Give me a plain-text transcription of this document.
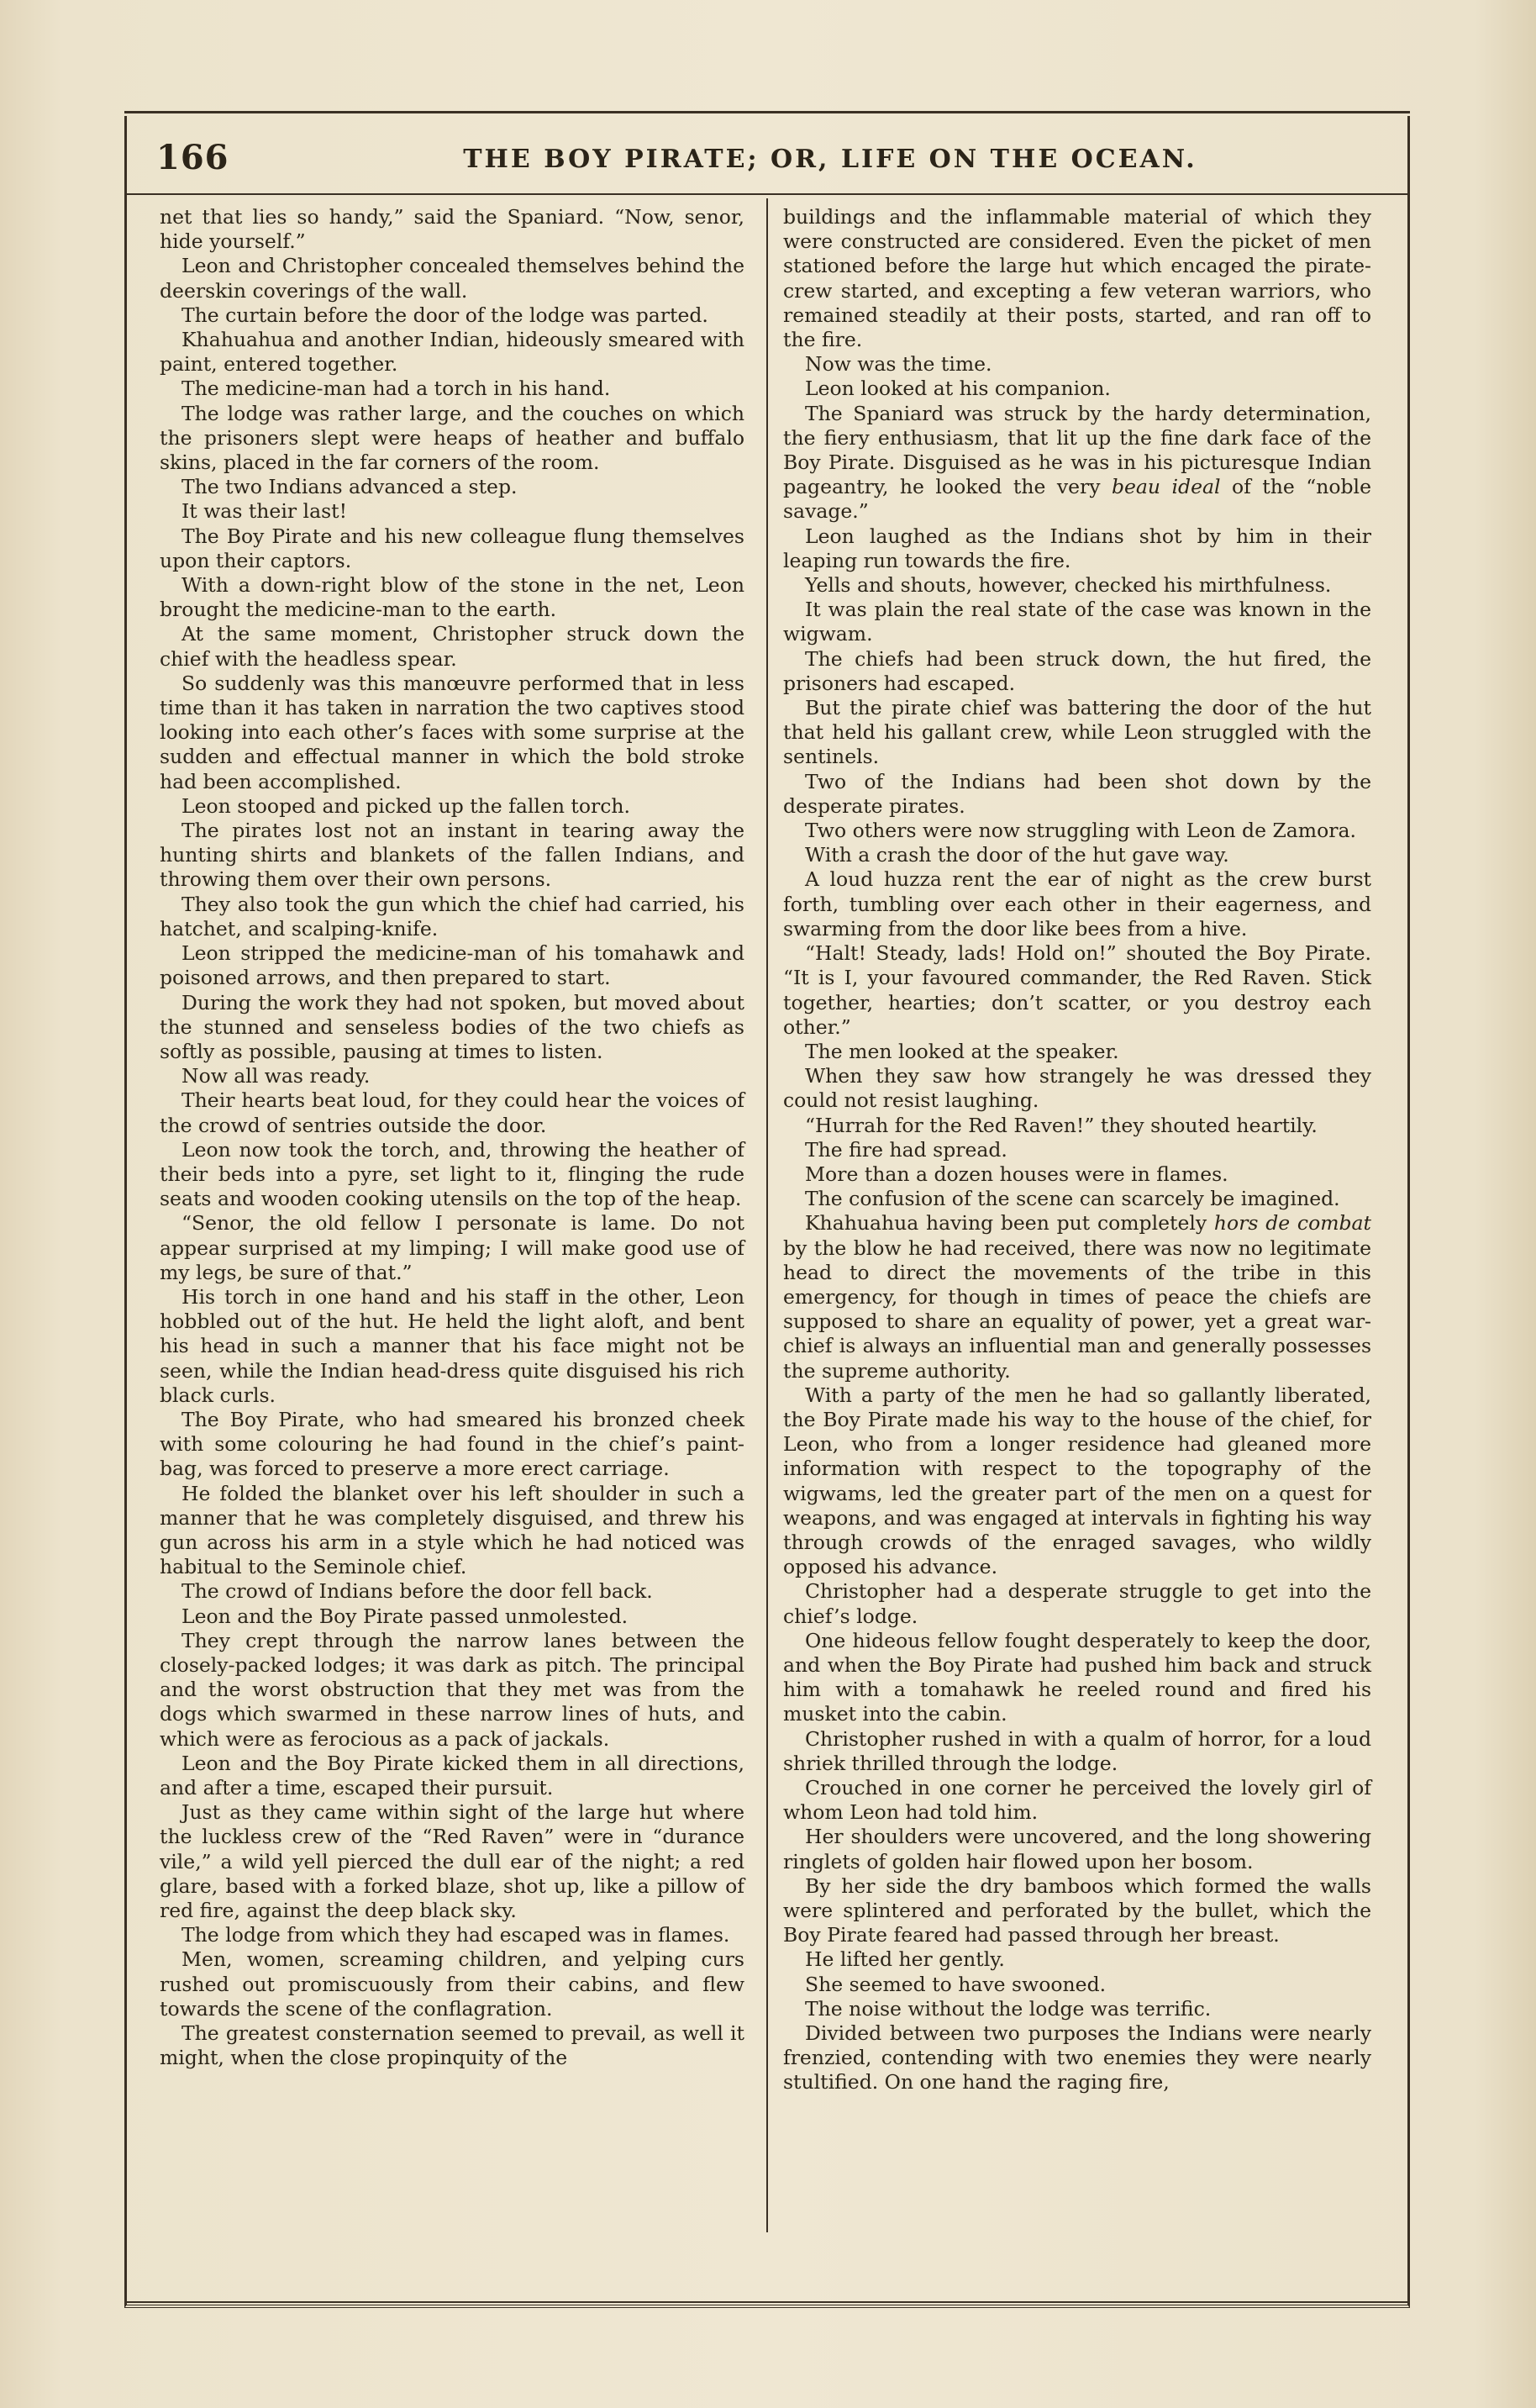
166	THE BOY PIRATE; OR, LIFE ON THE OCEAN.

net that lies so handy,” said the Spaniard. “Now, senor, hide yourself.”

Leon and Christopher concealed themselves behind the deerskin coverings of the wall.

The curtain before the door of the lodge was parted.

Khahuahua and another Indian, hideously smeared with paint, entered together.

The medicine-man had a torch in his hand.

The lodge was rather large, and the couches on which the prisoners slept were heaps of heather and buffalo skins, placed in the far corners of the room.

The two Indians advanced a step.

It was their last!

The Boy Pirate and his new colleague flung themselves upon their captors.

With a down-right blow of the stone in the net, Leon brought the medicine-man to the earth.

At the same moment, Christopher struck down the chief with the headless spear.

So suddenly was this manœuvre performed that in less time than it has taken in narration the two captives stood looking into each other’s faces with some surprise at the sudden and effectual manner in which the bold stroke had been accomplished.

Leon stooped and picked up the fallen torch.

The pirates lost not an instant in tearing away the hunting shirts and blankets of the fallen Indians, and throwing them over their own persons.

They also took the gun which the chief had carried, his hatchet, and scalping-knife.

Leon stripped the medicine-man of his tomahawk and poisoned arrows, and then prepared to start.

During the work they had not spoken, but moved about the stunned and senseless bodies of the two chiefs as softly as possible, pausing at times to listen.

Now all was ready.

Their hearts beat loud, for they could hear the voices of the crowd of sentries outside the door.

Leon now took the torch, and, throwing the heather of their beds into a pyre, set light to it, flinging the rude seats and wooden cooking utensils on the top of the heap.

“Senor, the old fellow I personate is lame. Do not appear surprised at my limping; I will make good use of my legs, be sure of that.”

His torch in one hand and his staff in the other, Leon hobbled out of the hut. He held the light aloft, and bent his head in such a manner that his face might not be seen, while the Indian head-dress quite disguised his rich black curls.

The Boy Pirate, who had smeared his bronzed cheek with some colouring he had found in the chief’s paint-bag, was forced to preserve a more erect carriage.

He folded the blanket over his left shoulder in such a manner that he was completely disguised, and threw his gun across his arm in a style which he had noticed was habitual to the Seminole chief.

The crowd of Indians before the door fell back.

Leon and the Boy Pirate passed unmolested.

They crept through the narrow lanes between the closely-packed lodges; it was dark as pitch. The principal and the worst obstruction that they met was from the dogs which swarmed in these narrow lines of huts, and which were as ferocious as a pack of jackals.

Leon and the Boy Pirate kicked them in all directions, and after a time, escaped their pursuit.

Just as they came within sight of the large hut where the luckless crew of the “Red Raven” were in “durance vile,” a wild yell pierced the dull ear of the night; a red glare, based with a forked blaze, shot up, like a pillow of red fire, against the deep black sky.

The lodge from which they had escaped was in flames.

Men, women, screaming children, and yelping curs rushed out promiscuously from their cabins, and flew towards the scene of the conflagration.

The greatest consternation seemed to prevail, as well it might, when the close propinquity of the

buildings and the inflammable material of which they were constructed are considered. Even the picket of men stationed before the large hut which encaged the pirate-crew started, and excepting a few veteran warriors, who remained steadily at their posts, started, and ran off to the fire.

Now was the time.

Leon looked at his companion.

The Spaniard was struck by the hardy determination, the fiery enthusiasm, that lit up the fine dark face of the Boy Pirate. Disguised as he was in his picturesque Indian pageantry, he looked the very beau ideal of the “noble savage.”

Leon laughed as the Indians shot by him in their leaping run towards the fire.

Yells and shouts, however, checked his mirthfulness.

It was plain the real state of the case was known in the wigwam.

The chiefs had been struck down, the hut fired, the prisoners had escaped.

But the pirate chief was battering the door of the hut that held his gallant crew, while Leon struggled with the sentinels.

Two of the Indians had been shot down by the desperate pirates.

Two others were now struggling with Leon de Zamora.

With a crash the door of the hut gave way.

A loud huzza rent the ear of night as the crew burst forth, tumbling over each other in their eagerness, and swarming from the door like bees from a hive.

“Halt! Steady, lads! Hold on!” shouted the Boy Pirate. “It is I, your favoured commander, the Red Raven. Stick together, hearties; don’t scatter, or you destroy each other.”

The men looked at the speaker.

When they saw how strangely he was dressed they could not resist laughing.

“Hurrah for the Red Raven!” they shouted heartily.

The fire had spread.

More than a dozen houses were in flames.

The confusion of the scene can scarcely be imagined.

Khahuahua having been put completely hors de combat by the blow he had received, there was now no legitimate head to direct the movements of the tribe in this emergency, for though in times of peace the chiefs are supposed to share an equality of power, yet a great war-chief is always an influential man and generally possesses the supreme authority.

With a party of the men he had so gallantly liberated, the Boy Pirate made his way to the house of the chief, for Leon, who from a longer residence had gleaned more information with respect to the topography of the wigwams, led the greater part of the men on a quest for weapons, and was engaged at intervals in fighting his way through crowds of the enraged savages, who wildly opposed his advance.

Christopher had a desperate struggle to get into the chief’s lodge.

One hideous fellow fought desperately to keep the door, and when the Boy Pirate had pushed him back and struck him with a tomahawk he reeled round and fired his musket into the cabin.

Christopher rushed in with a qualm of horror, for a loud shriek thrilled through the lodge.

Crouched in one corner he perceived the lovely girl of whom Leon had told him.

Her shoulders were uncovered, and the long showering ringlets of golden hair flowed upon her bosom.

By her side the dry bamboos which formed the walls were splintered and perforated by the bullet, which the Boy Pirate feared had passed through her breast.

He lifted her gently.

She seemed to have swooned.

The noise without the lodge was terrific.

Divided between two purposes the Indians were nearly frenzied, contending with two enemies they were nearly stultified. On one hand the raging fire,
